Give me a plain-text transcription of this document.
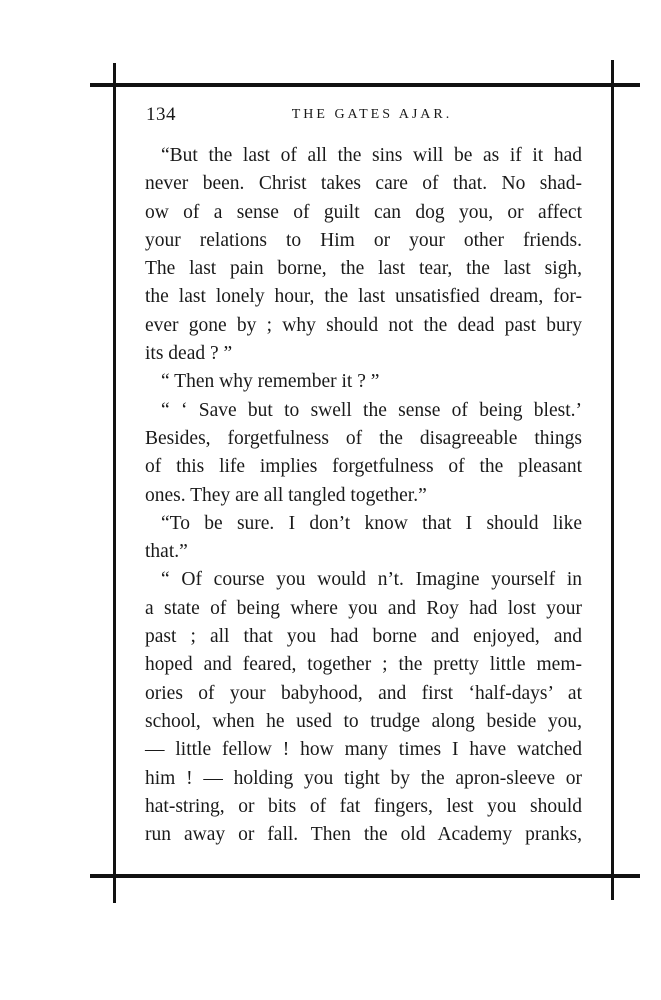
134	THE GATES AJAR.
“But the last of all the sins will be as if it had
never been. Christ takes care of that. No shad-
ow of a sense of guilt can dog you, or affect
your relations to Him or your other friends.
The last pain borne, the last tear, the last sigh,
the last lonely hour, the last unsatisfied dream, for-
ever gone by ; why should not the dead past bury
its dead ? ”
“ Then why remember it ? ”
“ ‘ Save but to swell the sense of being blest.’
Besides, forgetfulness of the disagreeable things
of this life implies forgetfulness of the pleasant
ones. They are all tangled together.”
“To be sure. I don’t know that I should like
that.”
“ Of course you would n’t. Imagine yourself in
a state of being where you and Roy had lost your
past ; all that you had borne and enjoyed, and
hoped and feared, together ; the pretty little mem-
ories of your babyhood, and first ‘half-days’ at
school, when he used to trudge along beside you,
— little fellow ! how many times I have watched
him ! — holding you tight by the apron-sleeve or
hat-string, or bits of fat fingers, lest you should
run away or fall. Then the old Academy pranks,
